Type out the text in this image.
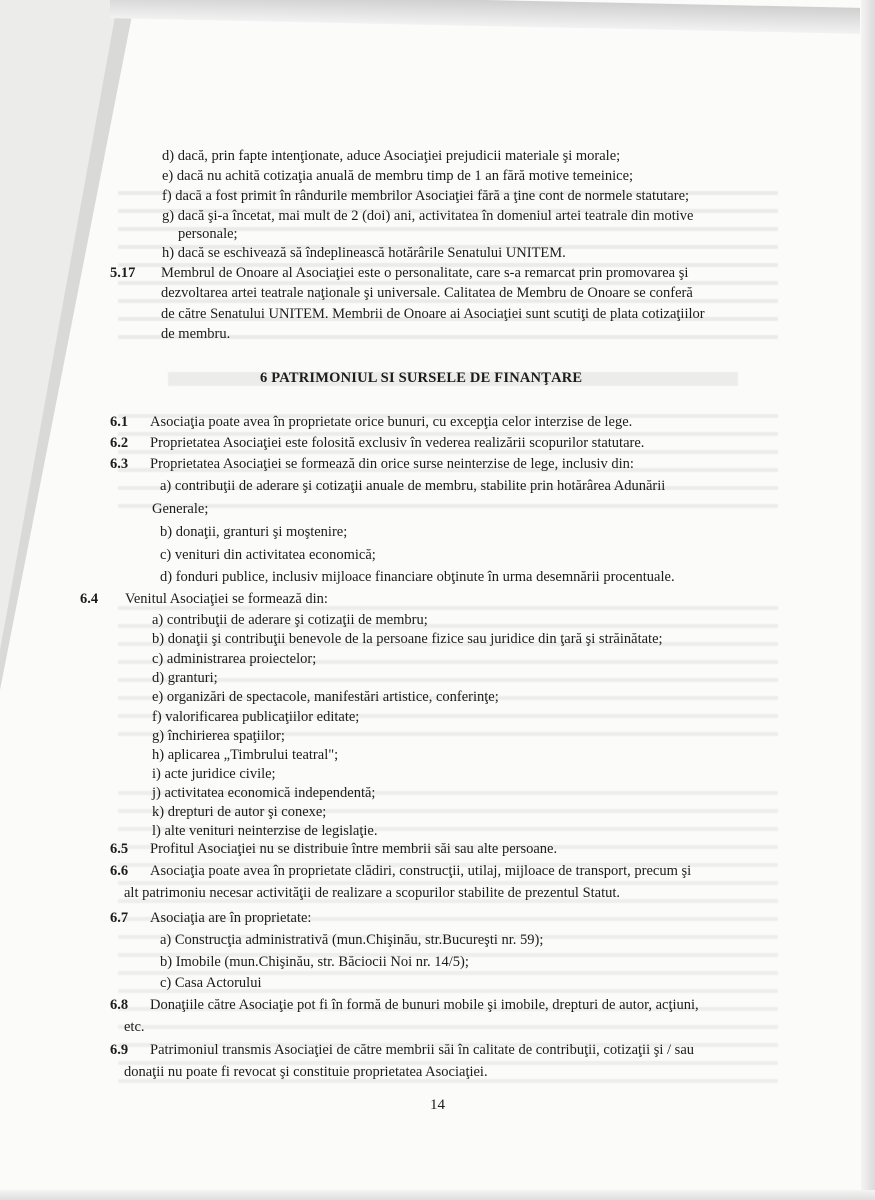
d) dacă, prin fapte intenţionate, aduce Asociaţiei prejudicii materiale şi morale;
e) dacă nu achită cotizaţia anuală de membru timp de 1 an fără motive temeinice;
f) dacă a fost primit în rândurile membrilor Asociaţiei fără a ţine cont de normele statutare;
g) dacă şi-a încetat, mai mult de 2 (doi) ani, activitatea în domeniul artei teatrale din motive
personale;
h) dacă se eschivează să îndeplinească hotărârile Senatului UNITEM.
5.17 Membrul de Onoare al Asociaţiei este o personalitate, care s-a remarcat prin promovarea şi
dezvoltarea artei teatrale naţionale şi universale. Calitatea de Membru de Onoare se conferă
de către Senatului UNITEM. Membrii de Onoare ai Asociaţiei sunt scutiţi de plata cotizaţiilor
de membru.
6 PATRIMONIUL SI SURSELE DE FINANŢARE
6.1 Asociaţia poate avea în proprietate orice bunuri, cu excepţia celor interzise de lege.
6.2 Proprietatea Asociaţiei este folosită exclusiv în vederea realizării scopurilor statutare.
6.3 Proprietatea Asociaţiei se formează din orice surse neinterzise de lege, inclusiv din:
a) contribuţii de aderare şi cotizaţii anuale de membru, stabilite prin hotărârea Adunării
Generale;
b) donaţii, granturi şi moştenire;
c) venituri din activitatea economică;
d) fonduri publice, inclusiv mijloace financiare obţinute în urma desemnării procentuale.
6.4 Venitul Asociaţiei se formează din:
a) contribuţii de aderare şi cotizaţii de membru;
b) donaţii şi contribuţii benevole de la persoane fizice sau juridice din ţară şi străinătate;
c) administrarea proiectelor;
d) granturi;
e) organizări de spectacole, manifestări artistice, conferinţe;
f) valorificarea publicaţiilor editate;
g) închirierea spaţiilor;
h) aplicarea „Timbrului teatral";
i) acte juridice civile;
j) activitatea economică independentă;
k) drepturi de autor şi conexe;
l) alte venituri neinterzise de legislaţie.
6.5 Profitul Asociaţiei nu se distribuie între membrii săi sau alte persoane.
6.6 Asociaţia poate avea în proprietate clădiri, construcţii, utilaj, mijloace de transport, precum şi
alt patrimoniu necesar activităţii de realizare a scopurilor stabilite de prezentul Statut.
6.7 Asociaţia are în proprietate:
a) Construcţia administrativă (mun.Chişinău, str.Bucureşti nr. 59);
b) Imobile (mun.Chişinău, str. Băciocii Noi nr. 14/5);
c) Casa Actorului
6.8 Donaţiile către Asociaţie pot fi în formă de bunuri mobile şi imobile, drepturi de autor, acţiuni,
etc.
6.9 Patrimoniul transmis Asociaţiei de către membrii săi în calitate de contribuţii, cotizaţii şi / sau
donaţii nu poate fi revocat şi constituie proprietatea Asociaţiei.
14
